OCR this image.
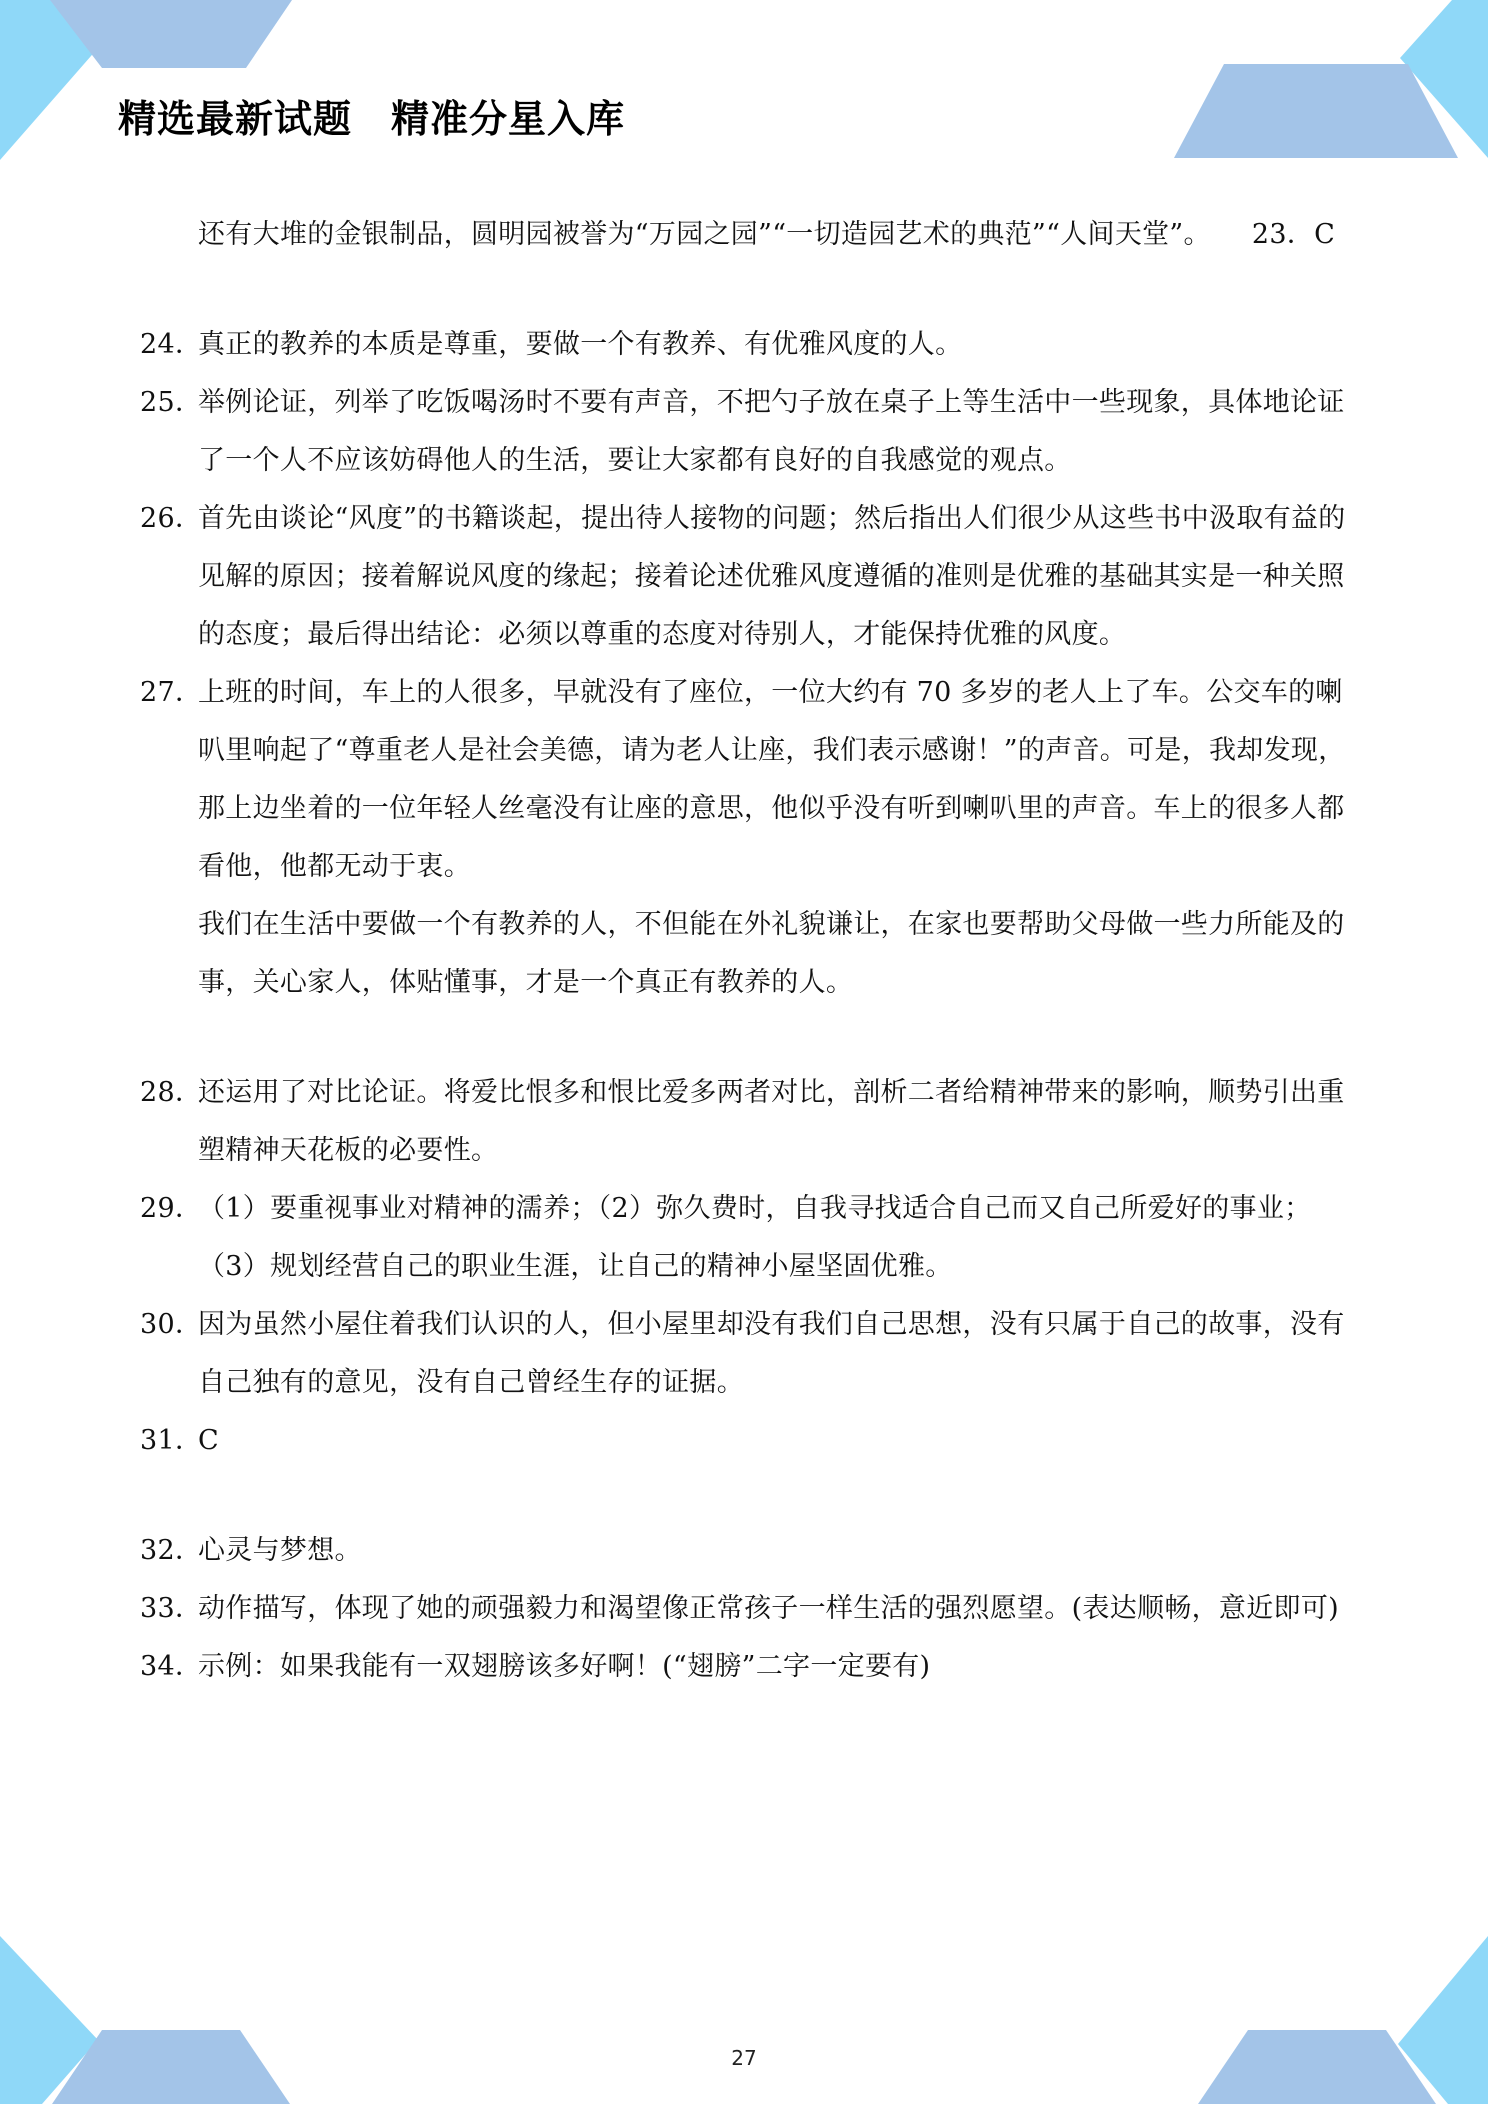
精选最新试题　精准分星入库
还有大堆的金银制品，圆明园被誉为“万园之园”“一切造园艺术的典范”“人间天堂”。　　23．C
24．
真正的教养的本质是尊重，要做一个有教养、有优雅风度的人。
25．
举例论证，列举了吃饭喝汤时不要有声音，不把勺子放在桌子上等生活中一些现象，具体地论证了一个人不应该妨碍他人的生活，要让大家都有良好的自我感觉的观点。
26．
首先由谈论“风度”的书籍谈起，提出待人接物的问题；然后指出人们很少从这些书中汲取有益的见解的原因；接着解说风度的缘起；接着论述优雅风度遵循的准则是优雅的基础其实是一种关照的态度；最后得出结论：必须以尊重的态度对待别人，才能保持优雅的风度。
27．
上班的时间，车上的人很多，早就没有了座位，一位大约有 70 多岁的老人上了车。公交车的喇叭里响起了“尊重老人是社会美德，请为老人让座，我们表示感谢！”的声音。可是，我却发现，那上边坐着的一位年轻人丝毫没有让座的意思，他似乎没有听到喇叭里的声音。车上的很多人都看他，他都无动于衷。
我们在生活中要做一个有教养的人，不但能在外礼貌谦让，在家也要帮助父母做一些力所能及的事，关心家人，体贴懂事，才是一个真正有教养的人。
28．
还运用了对比论证。将爱比恨多和恨比爱多两者对比，剖析二者给精神带来的影响，顺势引出重塑精神天花板的必要性。
29．
（1）要重视事业对精神的濡养；（2）弥久费时，自我寻找适合自己而又自己所爱好的事业；（3）规划经营自己的职业生涯，让自己的精神小屋坚固优雅。
30．
因为虽然小屋住着我们认识的人，但小屋里却没有我们自己思想，没有只属于自己的故事，没有自己独有的意见，没有自己曾经生存的证据。
31．
C
32．
心灵与梦想。
33．
动作描写，体现了她的顽强毅力和渴望像正常孩子一样生活的强烈愿望。(表达顺畅，意近即可)
34．
示例：如果我能有一双翅膀该多好啊！(“翅膀”二字一定要有)
27
